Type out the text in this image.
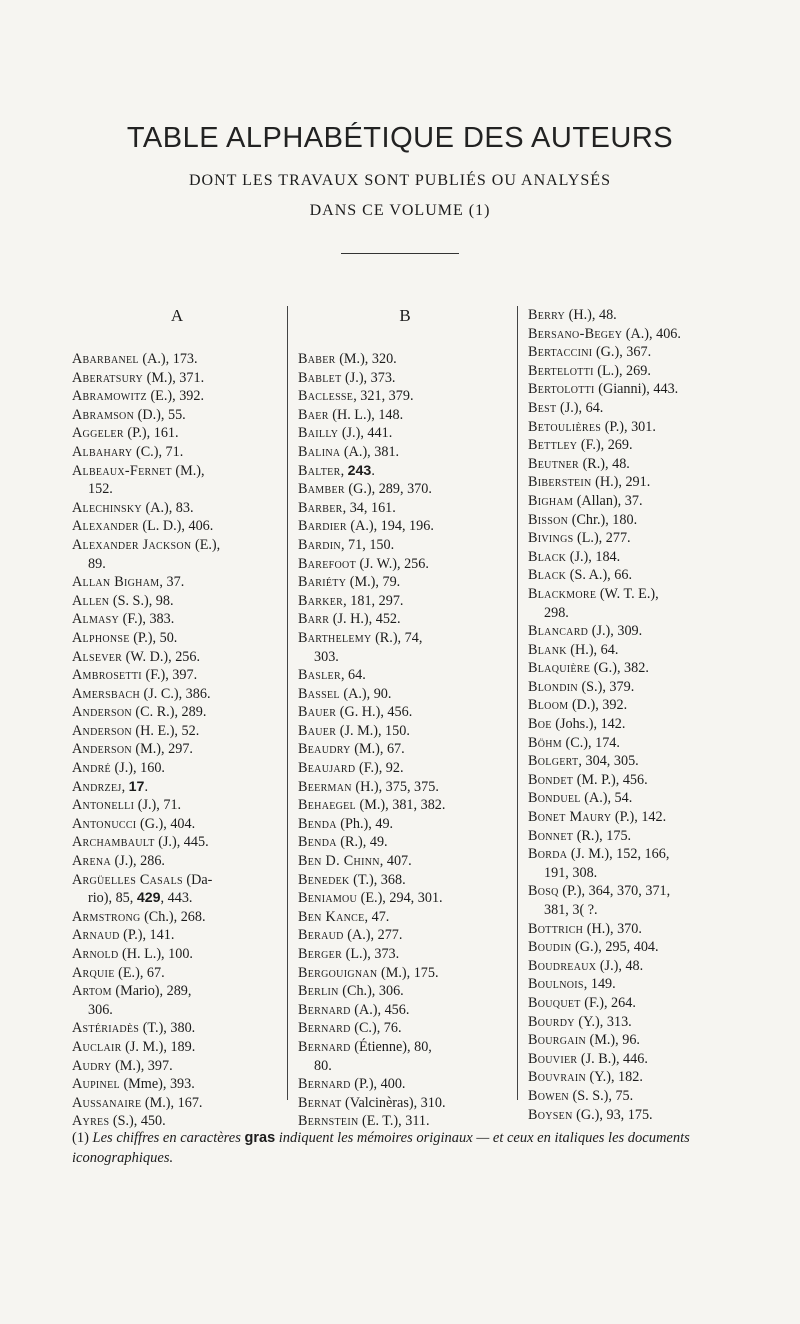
TABLE ALPHABÉTIQUE DES AUTEURS
DONT LES TRAVAUX SONT PUBLIÉS OU ANALYSÉS
DANS CE VOLUME (1)
A
Abarbanel (A.), 173.
Aberatsury (M.), 371.
Abramowitz (E.), 392.
Abramson (D.), 55.
Aggeler (P.), 161.
Albahary (C.), 71.
Albeaux-Fernet (M.),
152.
Alechinsky (A.), 83.
Alexander (L. D.), 406.
Alexander Jackson (E.),
89.
Allan Bigham, 37.
Allen (S. S.), 98.
Almasy (F.), 383.
Alphonse (P.), 50.
Alsever (W. D.), 256.
Ambrosetti (F.), 397.
Amersbach (J. C.), 386.
Anderson (C. R.), 289.
Anderson (H. E.), 52.
Anderson (M.), 297.
André (J.), 160.
Andrzej, 17.
Antonelli (J.), 71.
Antonucci (G.), 404.
Archambault (J.), 445.
Arena (J.), 286.
Argüelles Casals (Da-
rio), 85, 429, 443.
Armstrong (Ch.), 268.
Arnaud (P.), 141.
Arnold (H. L.), 100.
Arquie (E.), 67.
Artom (Mario), 289,
306.
Astériadès (T.), 380.
Auclair (J. M.), 189.
Audry (M.), 397.
Aupinel (Mme), 393.
Aussanaire (M.), 167.
Ayres (S.), 450.
B
Baber (M.), 320.
Bablet (J.), 373.
Baclesse, 321, 379.
Baer (H. L.), 148.
Bailly (J.), 441.
Balina (A.), 381.
Balter, 243.
Bamber (G.), 289, 370.
Barber, 34, 161.
Bardier (A.), 194, 196.
Bardin, 71, 150.
Barefoot (J. W.), 256.
Bariéty (M.), 79.
Barker, 181, 297.
Barr (J. H.), 452.
Barthelemy (R.), 74,
303.
Basler, 64.
Bassel (A.), 90.
Bauer (G. H.), 456.
Bauer (J. M.), 150.
Beaudry (M.), 67.
Beaujard (F.), 92.
Beerman (H.), 375, 375.
Behaegel (M.), 381, 382.
Benda (Ph.), 49.
Benda (R.), 49.
Ben D. Chinn, 407.
Benedek (T.), 368.
Beniamou (E.), 294, 301.
Ben Kance, 47.
Beraud (A.), 277.
Berger (L.), 373.
Bergouignan (M.), 175.
Berlin (Ch.), 306.
Bernard (A.), 456.
Bernard (C.), 76.
Bernard (Étienne), 80,
80.
Bernard (P.), 400.
Bernat (Valcinèras), 310.
Bernstein (E. T.), 311.
Berry (H.), 48.
Bersano-Begey (A.), 406.
Bertaccini (G.), 367.
Bertelotti (L.), 269.
Bertolotti (Gianni), 443.
Best (J.), 64.
Betoulières (P.), 301.
Bettley (F.), 269.
Beutner (R.), 48.
Biberstein (H.), 291.
Bigham (Allan), 37.
Bisson (Chr.), 180.
Bivings (L.), 277.
Black (J.), 184.
Black (S. A.), 66.
Blackmore (W. T. E.),
298.
Blancard (J.), 309.
Blank (H.), 64.
Blaquière (G.), 382.
Blondin (S.), 379.
Bloom (D.), 392.
Boe (Johs.), 142.
Böhm (C.), 174.
Bolgert, 304, 305.
Bondet (M. P.), 456.
Bonduel (A.), 54.
Bonet Maury (P.), 142.
Bonnet (R.), 175.
Borda (J. M.), 152, 166,
191, 308.
Bosq (P.), 364, 370, 371,
381, 3( ?.
Bottrich (H.), 370.
Boudin (G.), 295, 404.
Boudreaux (J.), 48.
Boulnois, 149.
Bouquet (F.), 264.
Bourdy (Y.), 313.
Bourgain (M.), 96.
Bouvier (J. B.), 446.
Bouvrain (Y.), 182.
Bowen (S. S.), 75.
Boysen (G.), 93, 175.
(1) Les chiffres en caractères gras indiquent les mémoires originaux — et ceux en italiques les documents iconographiques.
